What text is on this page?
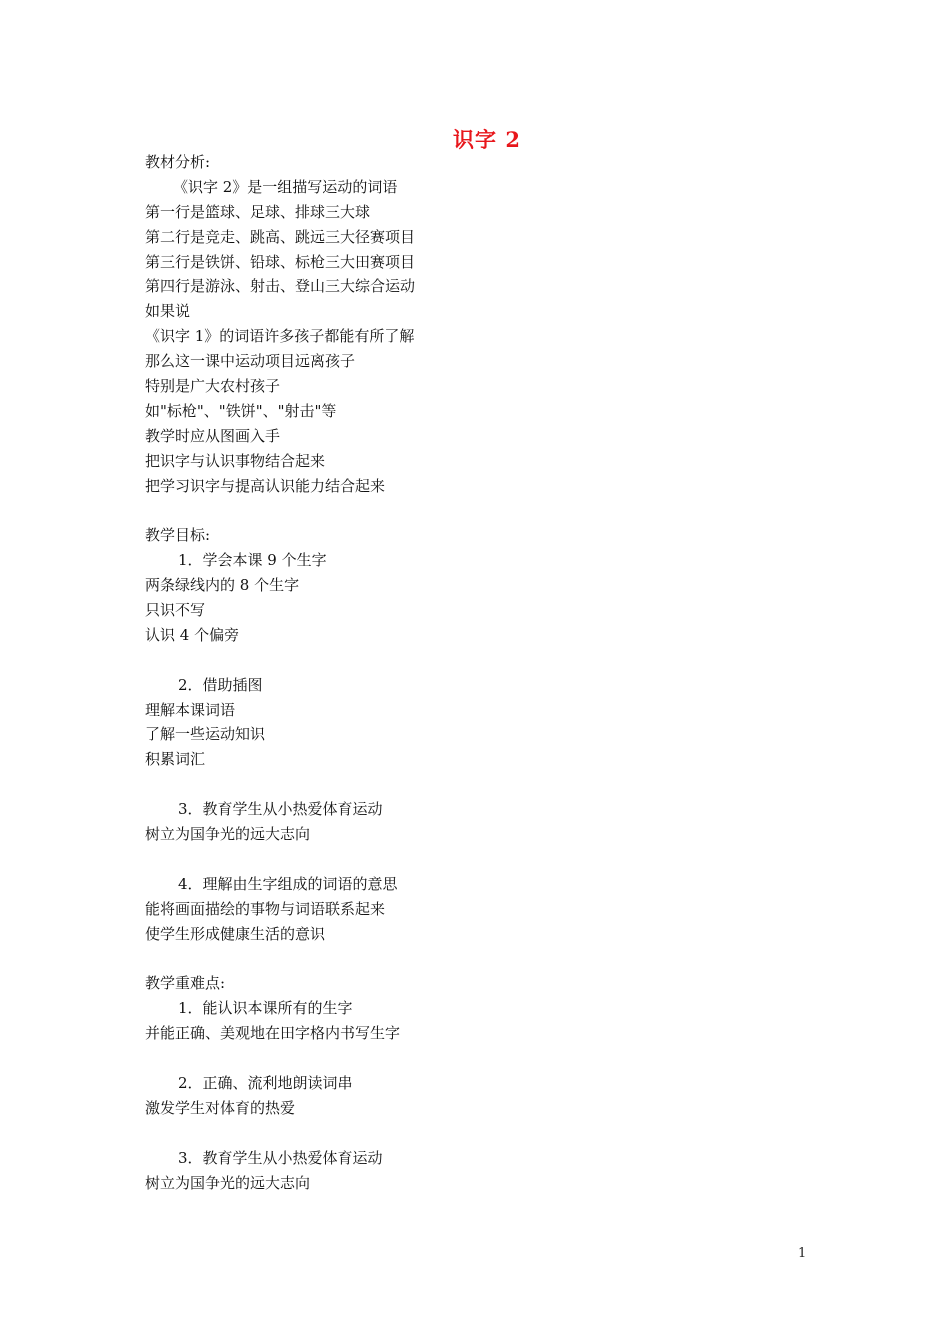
识字 2
教材分析:
《识字 2》是一组描写运动的词语
第一行是篮球、足球、排球三大球
第二行是竞走、跳高、跳远三大径赛项目
第三行是铁饼、铅球、标枪三大田赛项目
第四行是游泳、射击、登山三大综合运动
如果说
《识字 1》的词语许多孩子都能有所了解
那么这一课中运动项目远离孩子
特别是广大农村孩子
如"标枪"、"铁饼"、"射击"等
教学时应从图画入手
把识字与认识事物结合起来
把学习识字与提高认识能力结合起来
教学目标:
1．学会本课 9 个生字
两条绿线内的 8 个生字
只识不写
认识 4 个偏旁
2．借助插图
理解本课词语
了解一些运动知识
积累词汇
3．教育学生从小热爱体育运动
树立为国争光的远大志向
4．理解由生字组成的词语的意思
能将画面描绘的事物与词语联系起来
使学生形成健康生活的意识
教学重难点:
1．能认识本课所有的生字
并能正确、美观地在田字格内书写生字
2．正确、流利地朗读词串
激发学生对体育的热爱
3．教育学生从小热爱体育运动
树立为国争光的远大志向
1
